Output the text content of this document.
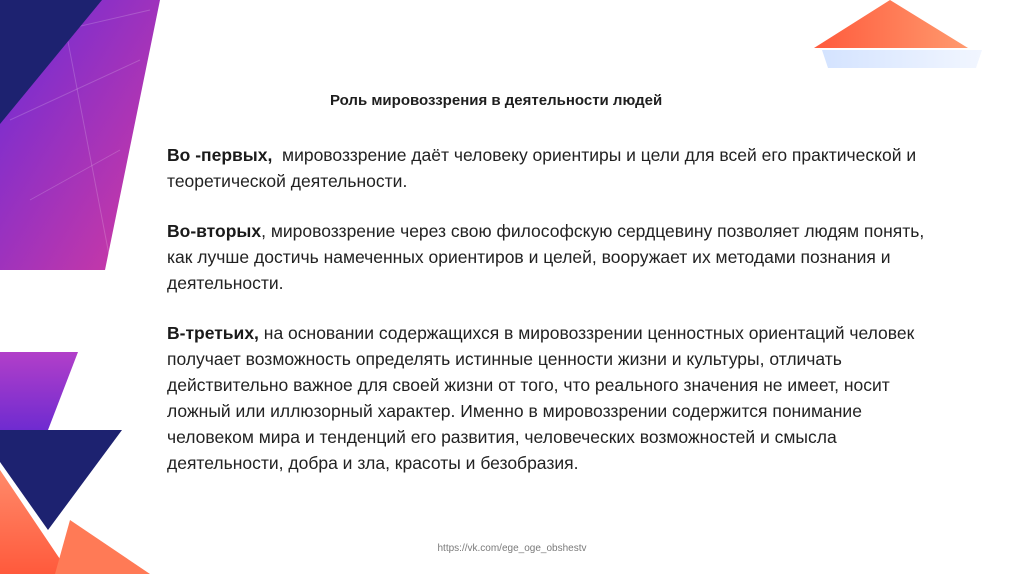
Роль мировоззрения в деятельности людей
Во -первых,  мировоззрение даёт человеку ориентиры и цели для всей его практической и теоретической деятельности.
Во-вторых, мировоззрение через свою философскую сердцевину позволяет людям понять, как лучше достичь намеченных ориентиров и целей, вооружает их методами познания и деятельности.
В-третьих, на основании содержащихся в мировоззрении ценностных ориентаций человек получает возможность определять истинные ценности жизни и культуры, отличать действительно важное для своей жизни от того, что реального значения не имеет, носит ложный или иллюзорный характер. Именно в мировоззрении содержится понимание человеком мира и тенденций его развития, человеческих возможностей и смысла деятельности, добра и зла, красоты и безобразия.
https://vk.com/ege_oge_obshestv
